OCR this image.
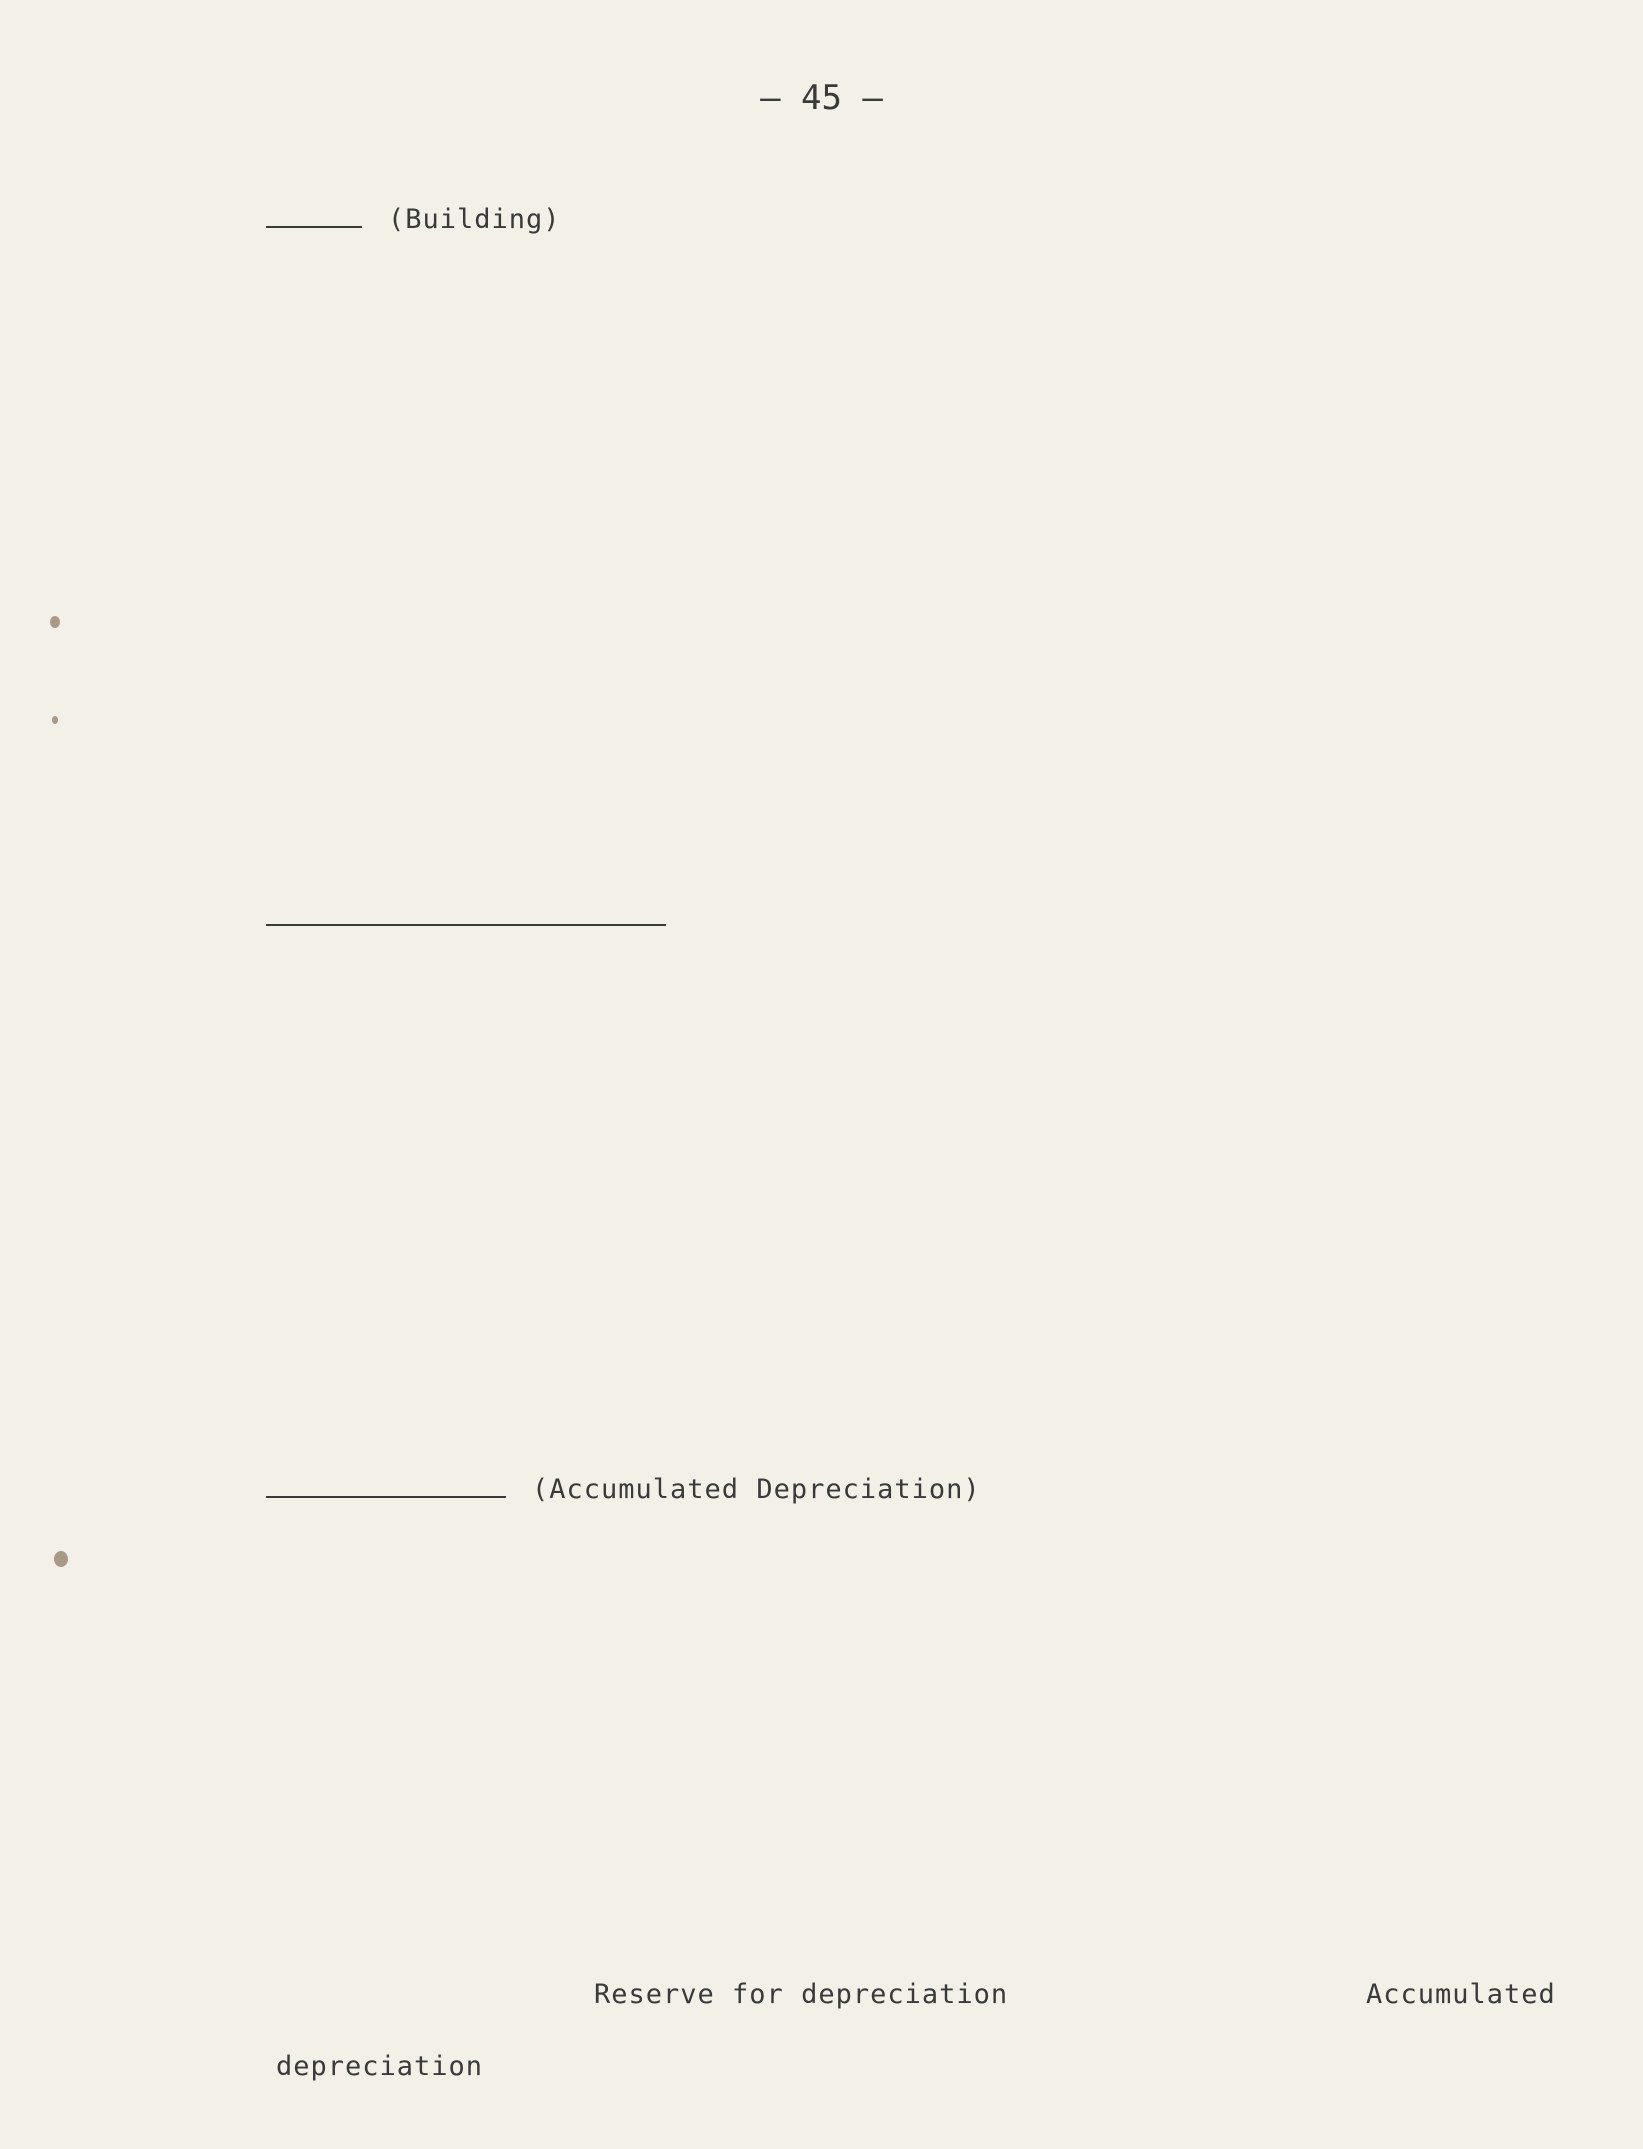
– 45 –
(Building)
(Accumulated Depreciation)
Reserve for depreciation	Accumulated
depreciation
